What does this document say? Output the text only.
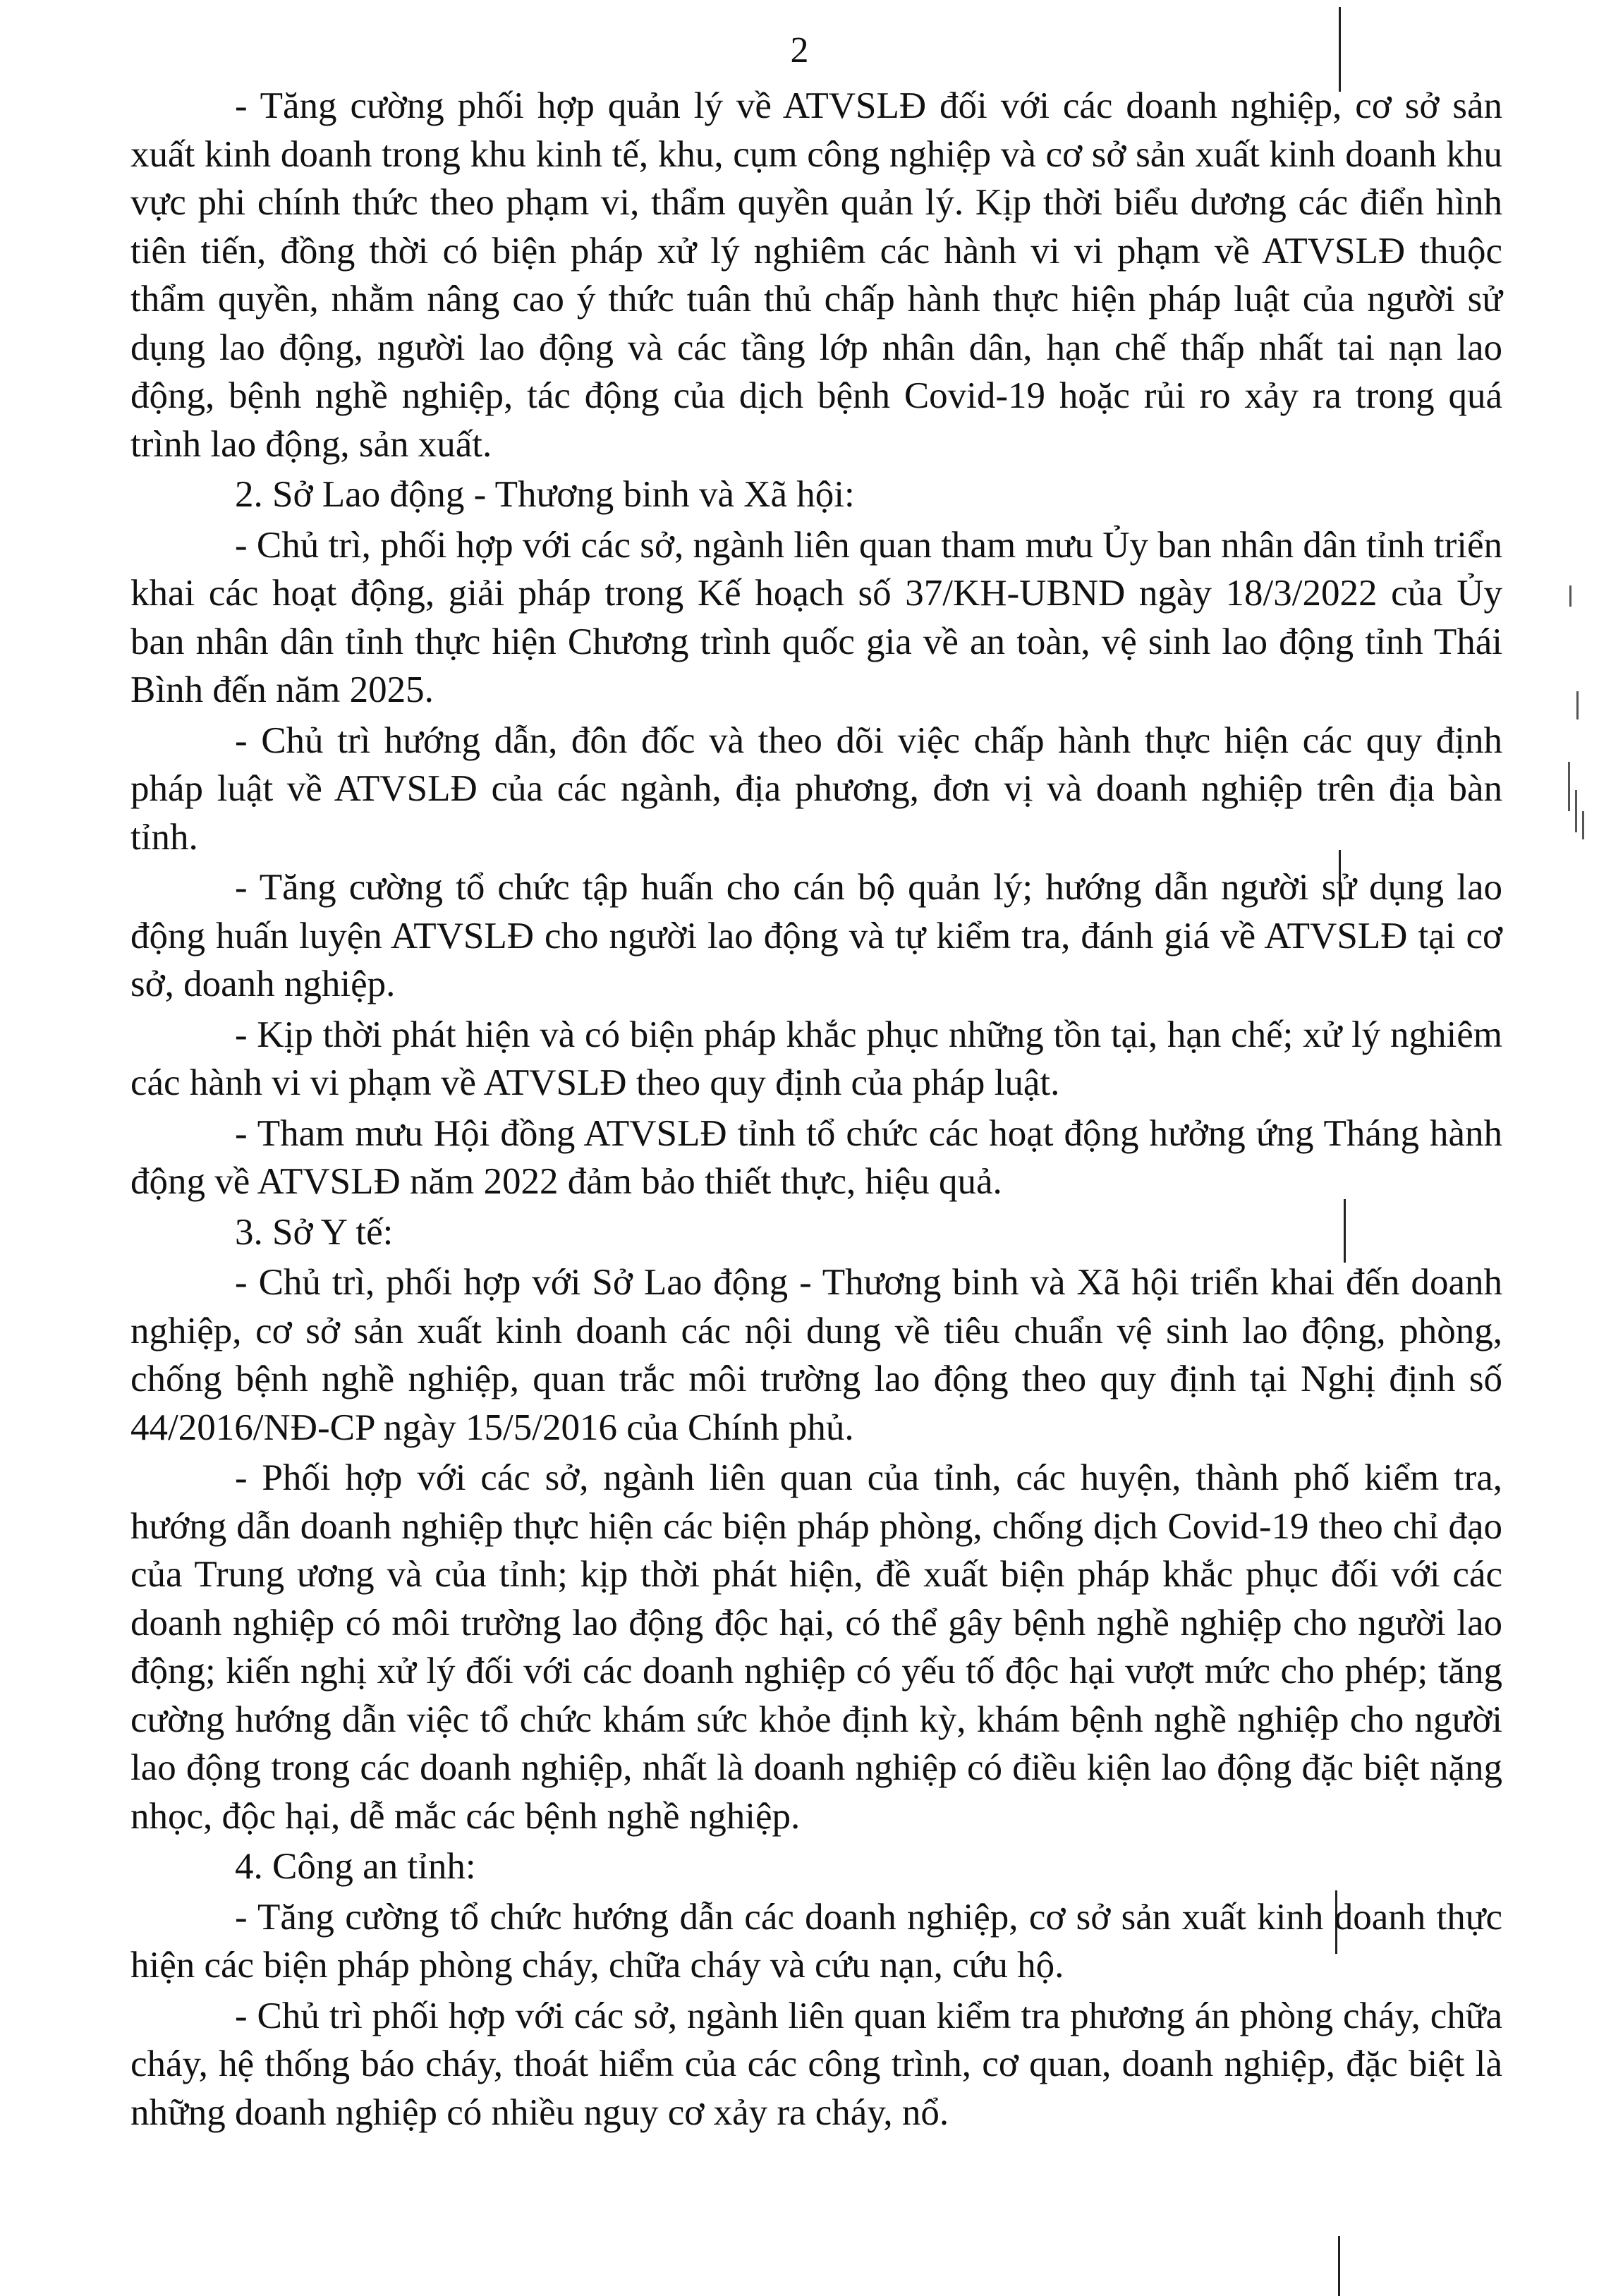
2

- Tăng cường phối hợp quản lý về ATVSLĐ đối với các doanh nghiệp, cơ sở sản xuất kinh doanh trong khu kinh tế, khu, cụm công nghiệp và cơ sở sản xuất kinh doanh khu vực phi chính thức theo phạm vi, thẩm quyền quản lý. Kịp thời biểu dương các điển hình tiên tiến, đồng thời có biện pháp xử lý nghiêm các hành vi vi phạm về ATVSLĐ thuộc thẩm quyền, nhằm nâng cao ý thức tuân thủ chấp hành thực hiện pháp luật của người sử dụng lao động, người lao động và các tầng lớp nhân dân, hạn chế thấp nhất tai nạn lao động, bệnh nghề nghiệp, tác động của dịch bệnh Covid-19 hoặc rủi ro xảy ra trong quá trình lao động, sản xuất.

2. Sở Lao động - Thương binh và Xã hội:

- Chủ trì, phối hợp với các sở, ngành liên quan tham mưu Ủy ban nhân dân tỉnh triển khai các hoạt động, giải pháp trong Kế hoạch số 37/KH-UBND ngày 18/3/2022 của Ủy ban nhân dân tỉnh thực hiện Chương trình quốc gia về an toàn, vệ sinh lao động tỉnh Thái Bình đến năm 2025.

- Chủ trì hướng dẫn, đôn đốc và theo dõi việc chấp hành thực hiện các quy định pháp luật về ATVSLĐ của các ngành, địa phương, đơn vị và doanh nghiệp trên địa bàn tỉnh.

- Tăng cường tổ chức tập huấn cho cán bộ quản lý; hướng dẫn người sử dụng lao động huấn luyện ATVSLĐ cho người lao động và tự kiểm tra, đánh giá về ATVSLĐ tại cơ sở, doanh nghiệp.

- Kịp thời phát hiện và có biện pháp khắc phục những tồn tại, hạn chế; xử lý nghiêm các hành vi vi phạm về ATVSLĐ theo quy định của pháp luật.

- Tham mưu Hội đồng ATVSLĐ tỉnh tổ chức các hoạt động hưởng ứng Tháng hành động về ATVSLĐ năm 2022 đảm bảo thiết thực, hiệu quả.

3. Sở Y tế:

- Chủ trì, phối hợp với Sở Lao động - Thương binh và Xã hội triển khai đến doanh nghiệp, cơ sở sản xuất kinh doanh các nội dung về tiêu chuẩn vệ sinh lao động, phòng, chống bệnh nghề nghiệp, quan trắc môi trường lao động theo quy định tại Nghị định số 44/2016/NĐ-CP ngày 15/5/2016 của Chính phủ.

- Phối hợp với các sở, ngành liên quan của tỉnh, các huyện, thành phố kiểm tra, hướng dẫn doanh nghiệp thực hiện các biện pháp phòng, chống dịch Covid-19 theo chỉ đạo của Trung ương và của tỉnh; kịp thời phát hiện, đề xuất biện pháp khắc phục đối với các doanh nghiệp có môi trường lao động độc hại, có thể gây bệnh nghề nghiệp cho người lao động; kiến nghị xử lý đối với các doanh nghiệp có yếu tố độc hại vượt mức cho phép; tăng cường hướng dẫn việc tổ chức khám sức khỏe định kỳ, khám bệnh nghề nghiệp cho người lao động trong các doanh nghiệp, nhất là doanh nghiệp có điều kiện lao động đặc biệt nặng nhọc, độc hại, dễ mắc các bệnh nghề nghiệp.

4. Công an tỉnh:

- Tăng cường tổ chức hướng dẫn các doanh nghiệp, cơ sở sản xuất kinh doanh thực hiện các biện pháp phòng cháy, chữa cháy và cứu nạn, cứu hộ.

- Chủ trì phối hợp với các sở, ngành liên quan kiểm tra phương án phòng cháy, chữa cháy, hệ thống báo cháy, thoát hiểm của các công trình, cơ quan, doanh nghiệp, đặc biệt là những doanh nghiệp có nhiều nguy cơ xảy ra cháy, nổ.
